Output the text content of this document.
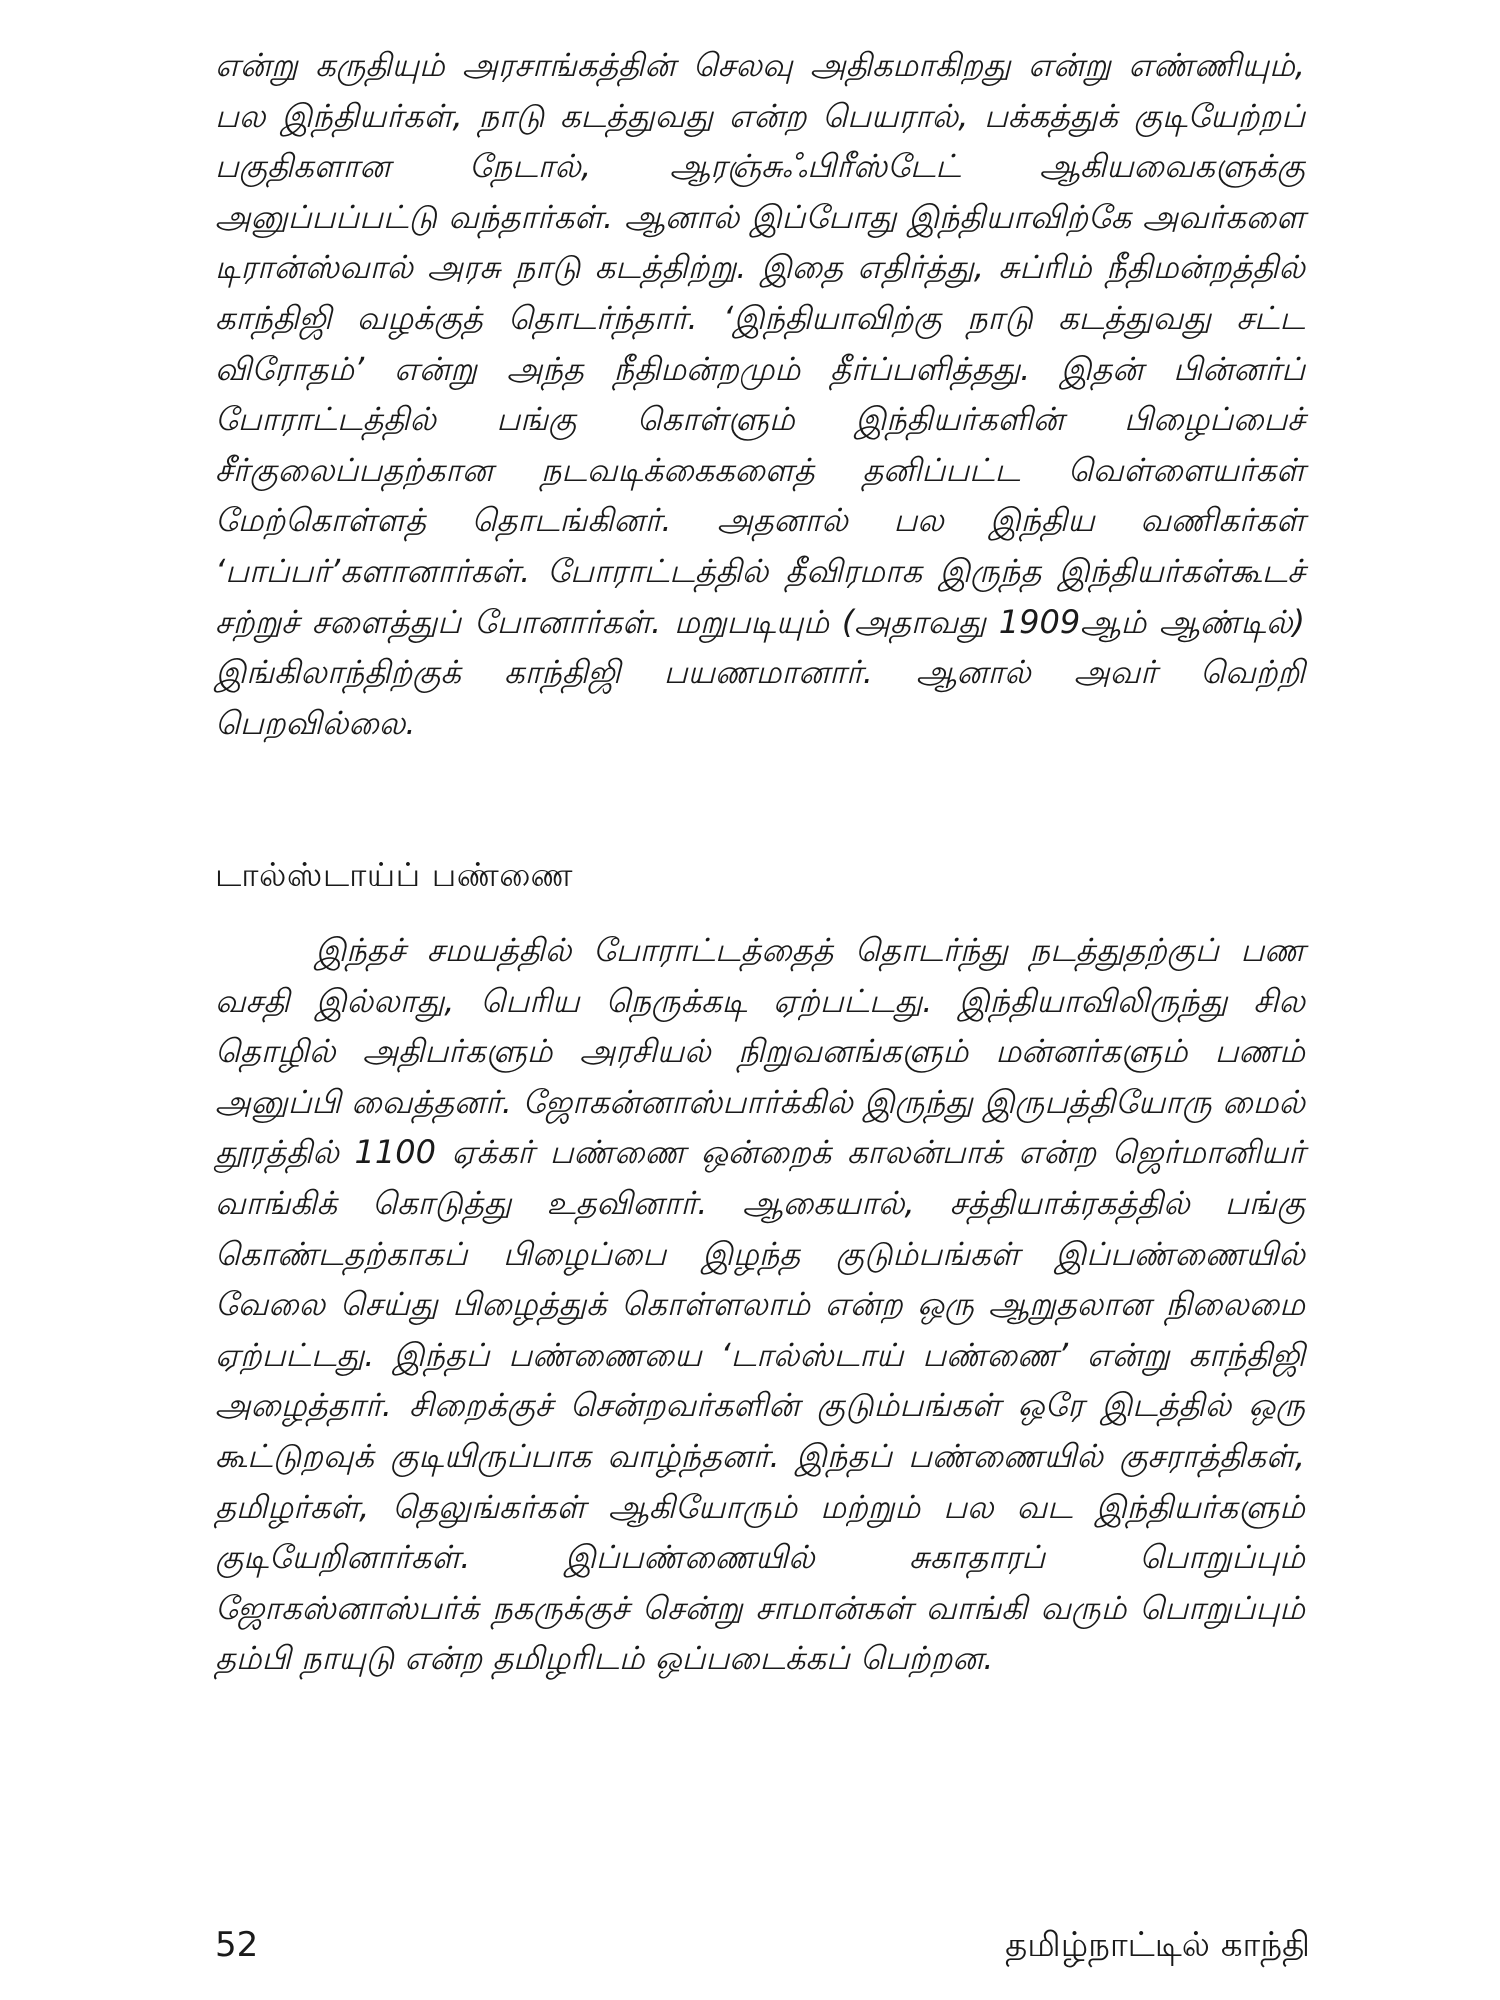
என்று கருதியும் அரசாங்கத்தின் செலவு அதிகமாகிறது என்று எண்ணியும், பல இந்தியர்கள், நாடு கடத்துவது என்ற பெயரால், பக்கத்துக் குடியேற்றப் பகுதிகளான நேடால், ஆரஞ்சுஃபிரீஸ்டேட் ஆகியவைகளுக்கு அனுப்பப்பட்டு வந்தார்கள். ஆனால் இப்போது இந்தியாவிற்கே அவர்களை டிரான்ஸ்வால் அரசு நாடு கடத்திற்று. இதை எதிர்த்து, சுப்ரிம் நீதிமன்றத்தில் காந்திஜி வழக்குத் தொடர்ந்தார். ‘இந்தியாவிற்கு நாடு கடத்துவது சட்ட விரோதம்’ என்று அந்த நீதிமன்றமும் தீர்ப்பளித்தது. இதன் பின்னர்ப் போராட்டத்தில் பங்கு கொள்ளும் இந்தியர்களின் பிழைப்பைச் சீர்குலைப்பதற்கான நடவடிக்கைகளைத் தனிப்பட்ட வெள்ளையர்கள் மேற்கொள்ளத் தொடங்கினர். அதனால் பல இந்திய வணிகர்கள் ‘பாப்பர்’களானார்கள். போராட்டத்தில் தீவிரமாக இருந்த இந்தியர்கள்கூடச் சற்றுச் சளைத்துப் போனார்கள். மறுபடியும் (அதாவது 1909ஆம் ஆண்டில்) இங்கிலாந்திற்குக் காந்திஜி பயணமானார். ஆனால் அவர் வெற்றி பெறவில்லை.
டால்ஸ்டாய்ப் பண்ணை
இந்தச் சமயத்தில் போராட்டத்தைத் தொடர்ந்து நடத்துதற்குப் பண வசதி இல்லாது, பெரிய நெருக்கடி ஏற்பட்டது. இந்தியாவிலிருந்து சில தொழில் அதிபர்களும் அரசியல் நிறுவனங்களும் மன்னர்களும் பணம் அனுப்பி வைத்தனர். ஜோகன்னாஸ்பார்க்கில் இருந்து இருபத்தியோரு மைல் தூரத்தில் 1100 ஏக்கர் பண்ணை ஒன்றைக் காலன்பாக் என்ற ஜெர்மானியர் வாங்கிக் கொடுத்து உதவினார். ஆகையால், சத்தியாக்ரகத்தில் பங்கு கொண்டதற்காகப் பிழைப்பை இழந்த குடும்பங்கள் இப்பண்ணையில் வேலை செய்து பிழைத்துக் கொள்ளலாம் என்ற ஒரு ஆறுதலான நிலைமை ஏற்பட்டது. இந்தப் பண்ணையை ‘டால்ஸ்டாய் பண்ணை’ என்று காந்திஜி அழைத்தார். சிறைக்குச் சென்றவர்களின் குடும்பங்கள் ஒரே இடத்தில் ஒரு கூட்டுறவுக் குடியிருப்பாக வாழ்ந்தனர். இந்தப் பண்ணையில் குசராத்திகள், தமிழர்கள், தெலுங்கர்கள் ஆகியோரும் மற்றும் பல வட இந்தியர்களும் குடியேறினார்கள். இப்பண்ணையில் சுகாதாரப் பொறுப்பும் ஜோகஸ்னாஸ்பர்க் நகருக்குச் சென்று சாமான்கள் வாங்கி வரும் பொறுப்பும் தம்பி நாயுடு என்ற தமிழரிடம் ஒப்படைக்கப் பெற்றன.
52	தமிழ்நாட்டில் காந்தி
